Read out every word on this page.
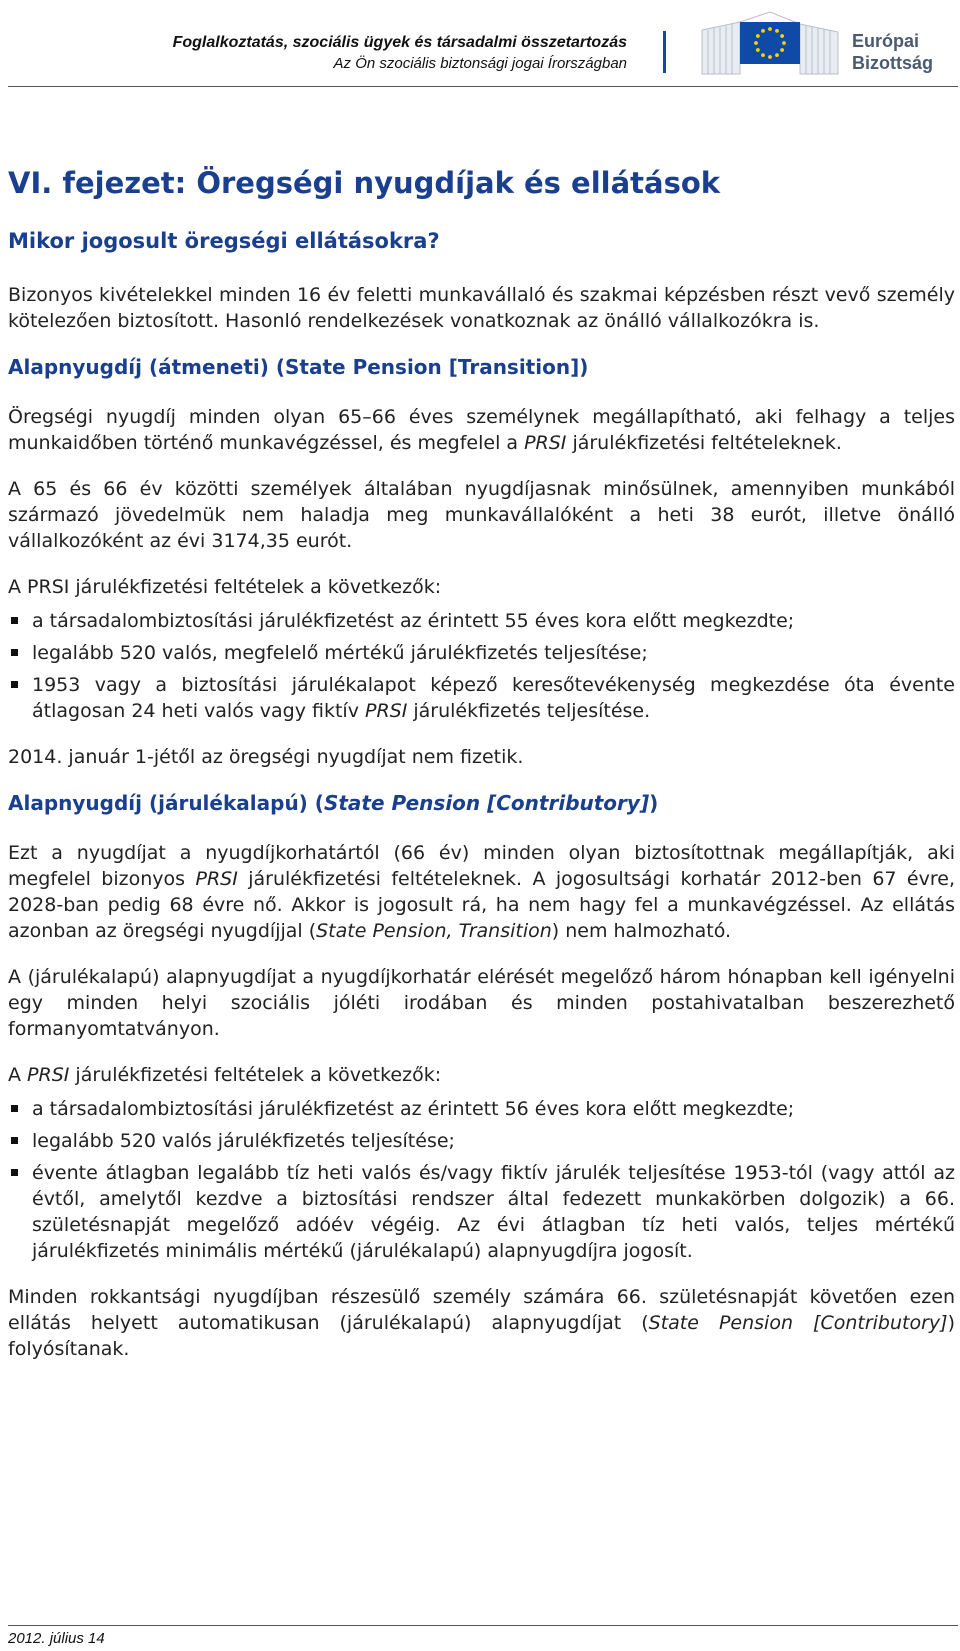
Foglalkoztatás, szociális ügyek és társadalmi összetartozás
Az Ön szociális biztonsági jogai Írországban
Európai
Bizottság
VI. fejezet: Öregségi nyugdíjak és ellátások
Mikor jogosult öregségi ellátásokra?

Bizonyos kivételekkel minden 16 év feletti munkavállaló és szakmai képzésben részt vevő személy kötelezően biztosított. Hasonló rendelkezések vonatkoznak az önálló vállalkozókra is.

Alapnyugdíj (átmeneti) (State Pension [Transition])

Öregségi nyugdíj minden olyan 65–66 éves személynek megállapítható, aki felhagy a teljes munkaidőben történő munkavégzéssel, és megfelel a PRSI járulékfizetési feltételeknek.

A 65 és 66 év közötti személyek általában nyugdíjasnak minősülnek, amennyiben munkából származó jövedelmük nem haladja meg munkavállalóként a heti 38 eurót, illetve önálló vállalkozóként az évi 3174,35 eurót.

A PRSI járulékfizetési feltételek a következők:

a társadalombiztosítási járulékfizetést az érintett 55 éves kora előtt megkezdte;
legalább 520 valós, megfelelő mértékű járulékfizetés teljesítése;
1953 vagy a biztosítási járulékalapot képező keresőtevékenység megkezdése óta évente átlagosan 24 heti valós vagy fiktív PRSI járulékfizetés teljesítése.

2014. január 1-jétől az öregségi nyugdíjat nem fizetik.

Alapnyugdíj (járulékalapú) (State Pension [Contributory])

Ezt a nyugdíjat a nyugdíjkorhatártól (66 év) minden olyan biztosítottnak megállapítják, aki megfelel bizonyos PRSI járulékfizetési feltételeknek. A jogosultsági korhatár 2012-ben 67 évre, 2028-ban pedig 68 évre nő. Akkor is jogosult rá, ha nem hagy fel a munkavégzéssel. Az ellátás azonban az öregségi nyugdíjjal (State Pension, Transition) nem halmozható.

A (járulékalapú) alapnyugdíjat a nyugdíjkorhatár elérését megelőző három hónapban kell igényelni egy minden helyi szociális jóléti irodában és minden postahivatalban beszerezhető formanyomtatványon.

A PRSI járulékfizetési feltételek a következők:

a társadalombiztosítási járulékfizetést az érintett 56 éves kora előtt megkezdte;
legalább 520 valós járulékfizetés teljesítése;
évente átlagban legalább tíz heti valós és/vagy fiktív járulék teljesítése 1953-tól (vagy attól az évtől, amelytől kezdve a biztosítási rendszer által fedezett munkakörben dolgozik) a 66. születésnapját megelőző adóév végéig. Az évi átlagban tíz heti valós, teljes mértékű járulékfizetés minimális mértékű (járulékalapú) alapnyugdíjra jogosít.

Minden rokkantsági nyugdíjban részesülő személy számára 66. születésnapját követően ezen ellátás helyett automatikusan (járulékalapú) alapnyugdíjat (State Pension [Contributory]) folyósítanak.

2012. július 14
